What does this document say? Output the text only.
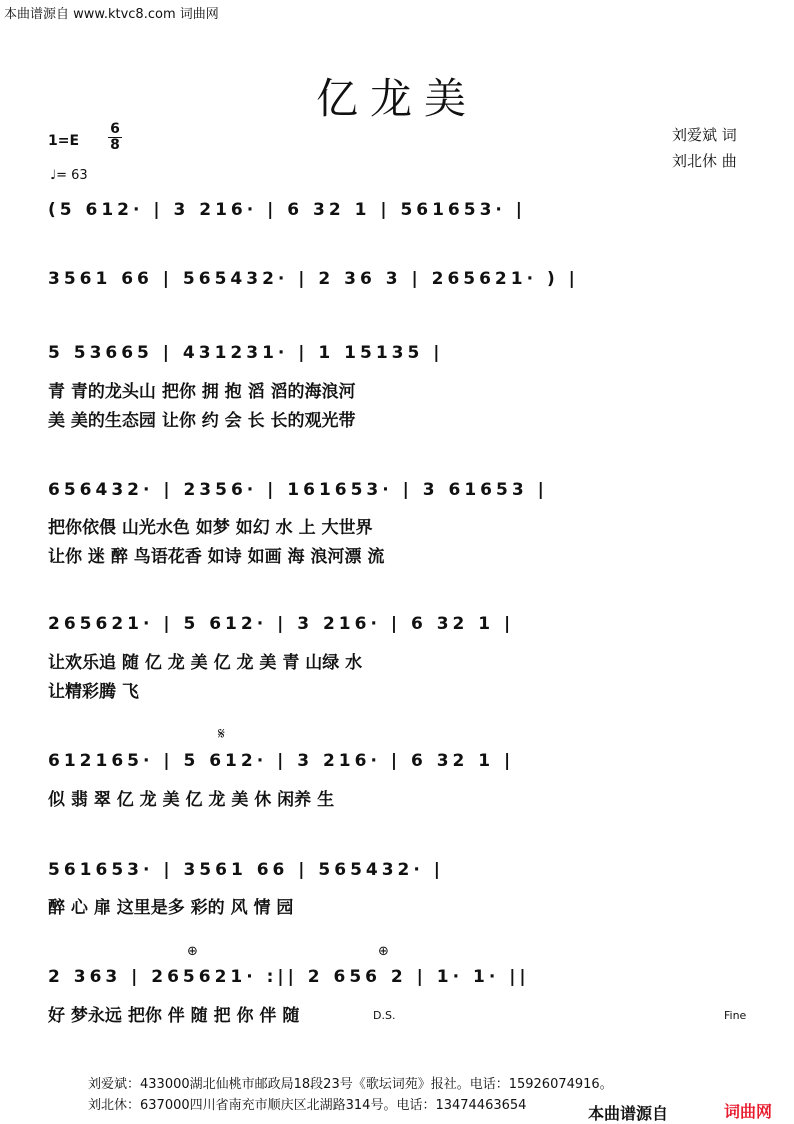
本曲谱源自 www.ktvc8.com 词曲网
亿龙美
1=E
6
8
♩= 63
刘爱斌 词
刘北休 曲
(5 612· | 3 216· | 6 32 1 | 561653· |
3561 66 | 565432· | 2 36 3 | 265621· ) |
5 53665 | 431231· | 1 15135 |
青 青的龙头山 把你 拥 抱 滔 滔的海浪河
美 美的生态园 让你 约 会 长 长的观光带
656432· | 2356· | 161653· | 3 61653 |
把你依偎 山光水色 如梦 如幻 水 上 大世界
让你 迷 醉 鸟语花香 如诗 如画 海 浪河漂 流
265621· | 5 612· | 3 216· | 6 32 1 |
让欢乐追 随 亿 龙 美 亿 龙 美 青 山绿 水
让精彩腾 飞
𝄋
612165· | 5 612· | 3 216· | 6 32 1 |
似 翡 翠 亿 龙 美 亿 龙 美 休 闲养 生
561653· | 3561 66 | 565432· |
醉 心 扉 这里是多 彩的 风 情 园
⊕	⊕
2 363 | 265621· :|| 2 656 2 | 1· 1· ||
好 梦永远 把你 伴 随 把 你 伴 随	D.S.	Fine
刘爱斌：433000湖北仙桃市邮政局18段23号《歌坛词苑》报社。电话：15926074916。
刘北休：637000四川省南充市顺庆区北湖路314号。电话：13474463654	本曲谱源自	词曲网
